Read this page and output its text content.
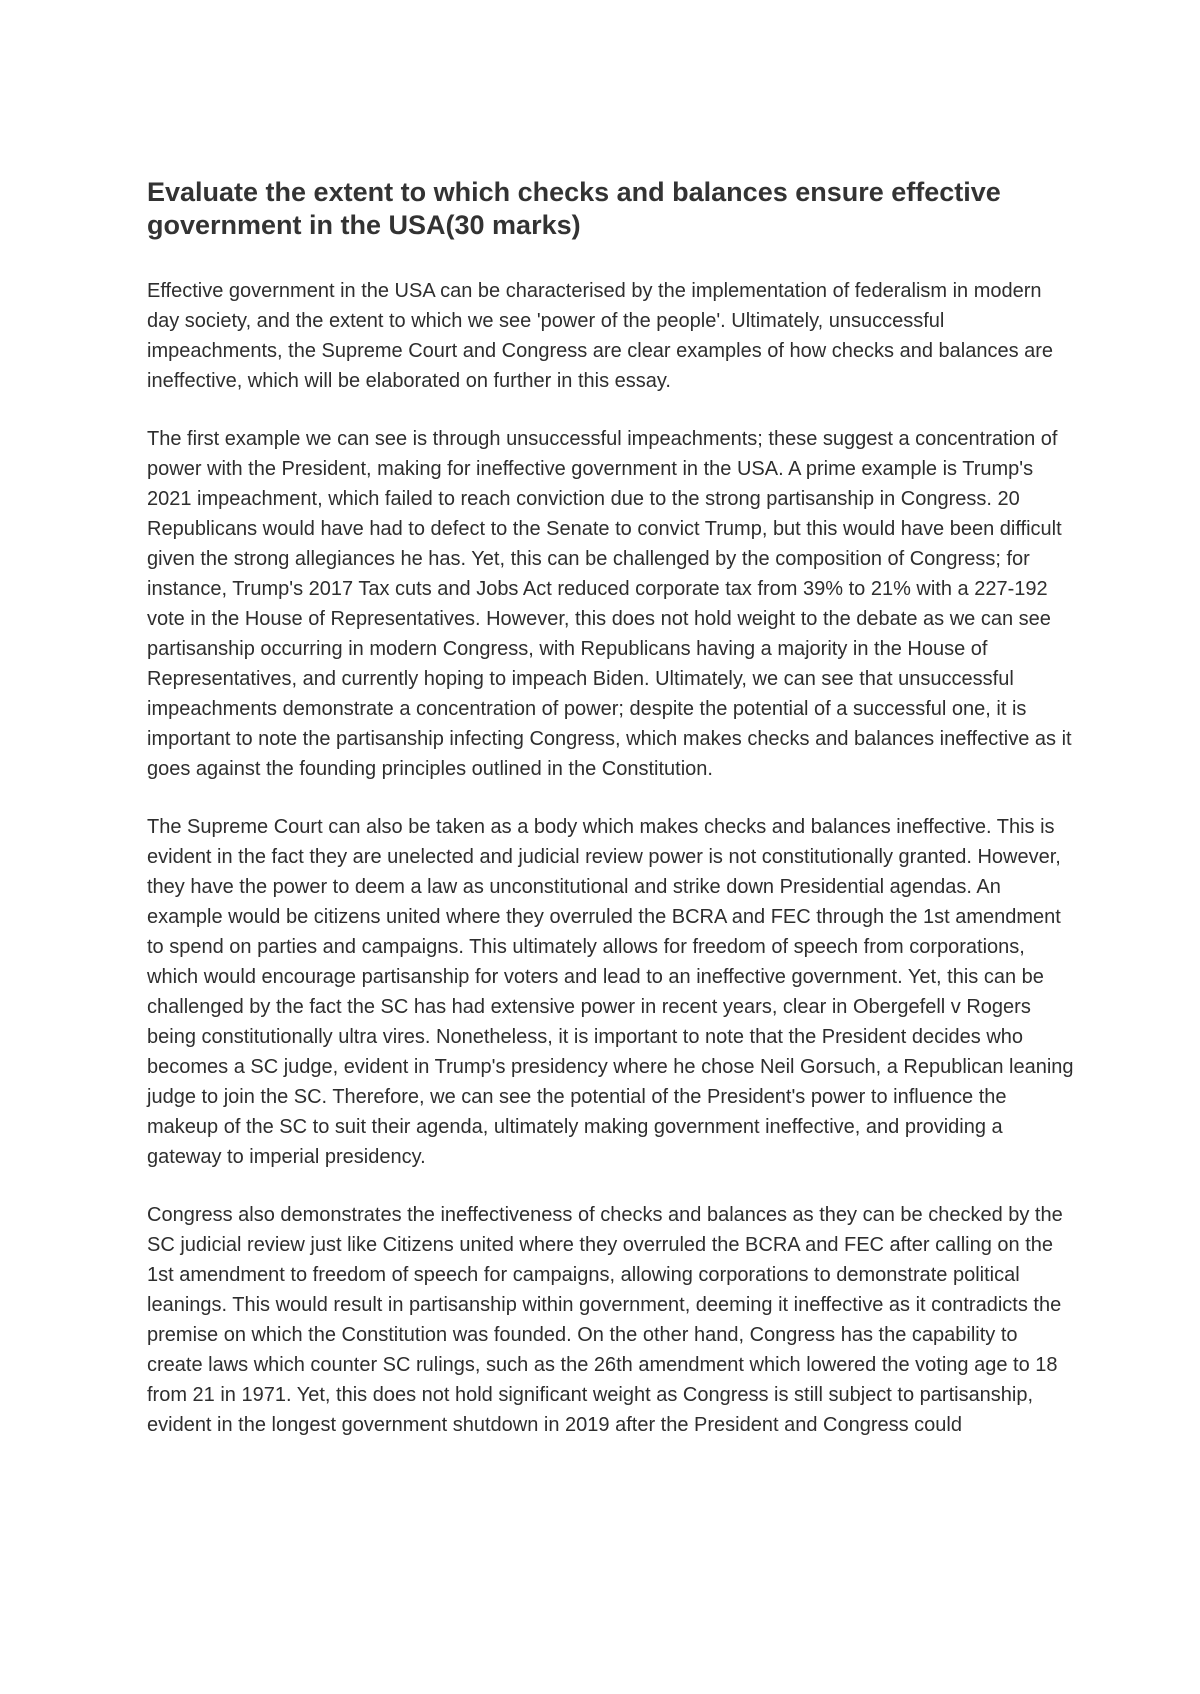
Evaluate the extent to which checks and balances ensure effective government in the USA(30 marks)

Effective government in the USA can be characterised by the implementation of federalism in modern day society, and the extent to which we see 'power of the people'. Ultimately, unsuccessful impeachments, the Supreme Court and Congress are clear examples of how checks and balances are ineffective, which will be elaborated on further in this essay.

The first example we can see is through unsuccessful impeachments; these suggest a concentration of power with the President, making for ineffective government in the USA. A prime example is Trump's 2021 impeachment, which failed to reach conviction due to the strong partisanship in Congress. 20 Republicans would have had to defect to the Senate to convict Trump, but this would have been difficult given the strong allegiances he has. Yet, this can be challenged by the composition of Congress; for instance, Trump's 2017 Tax cuts and Jobs Act reduced corporate tax from 39% to 21% with a 227-192 vote in the House of Representatives. However, this does not hold weight to the debate as we can see partisanship occurring in modern Congress, with Republicans having a majority in the House of Representatives, and currently hoping to impeach Biden. Ultimately, we can see that unsuccessful impeachments demonstrate a concentration of power; despite the potential of a successful one, it is important to note the partisanship infecting Congress, which makes checks and balances ineffective as it goes against the founding principles outlined in the Constitution.

The Supreme Court can also be taken as a body which makes checks and balances ineffective. This is evident in the fact they are unelected and judicial review power is not constitutionally granted. However, they have the power to deem a law as unconstitutional and strike down Presidential agendas. An example would be citizens united where they overruled the BCRA and FEC through the 1st amendment to spend on parties and campaigns. This ultimately allows for freedom of speech from corporations, which would encourage partisanship for voters and lead to an ineffective government. Yet, this can be challenged by the fact the SC has had extensive power in recent years, clear in Obergefell v Rogers being constitutionally ultra vires. Nonetheless, it is important to note that the President decides who becomes a SC judge, evident in Trump's presidency where he chose Neil Gorsuch, a Republican leaning judge to join the SC. Therefore, we can see the potential of the President's power to influence the makeup of the SC to suit their agenda, ultimately making government ineffective, and providing a gateway to imperial presidency.

Congress also demonstrates the ineffectiveness of checks and balances as they can be checked by the SC judicial review just like Citizens united where they overruled the BCRA and FEC after calling on the 1st amendment to freedom of speech for campaigns, allowing corporations to demonstrate political leanings. This would result in partisanship within government, deeming it ineffective as it contradicts the premise on which the Constitution was founded. On the other hand, Congress has the capability to create laws which counter SC rulings, such as the 26th amendment which lowered the voting age to 18 from 21 in 1971. Yet, this does not hold significant weight as Congress is still subject to partisanship, evident in the longest government shutdown in 2019 after the President and Congress could
